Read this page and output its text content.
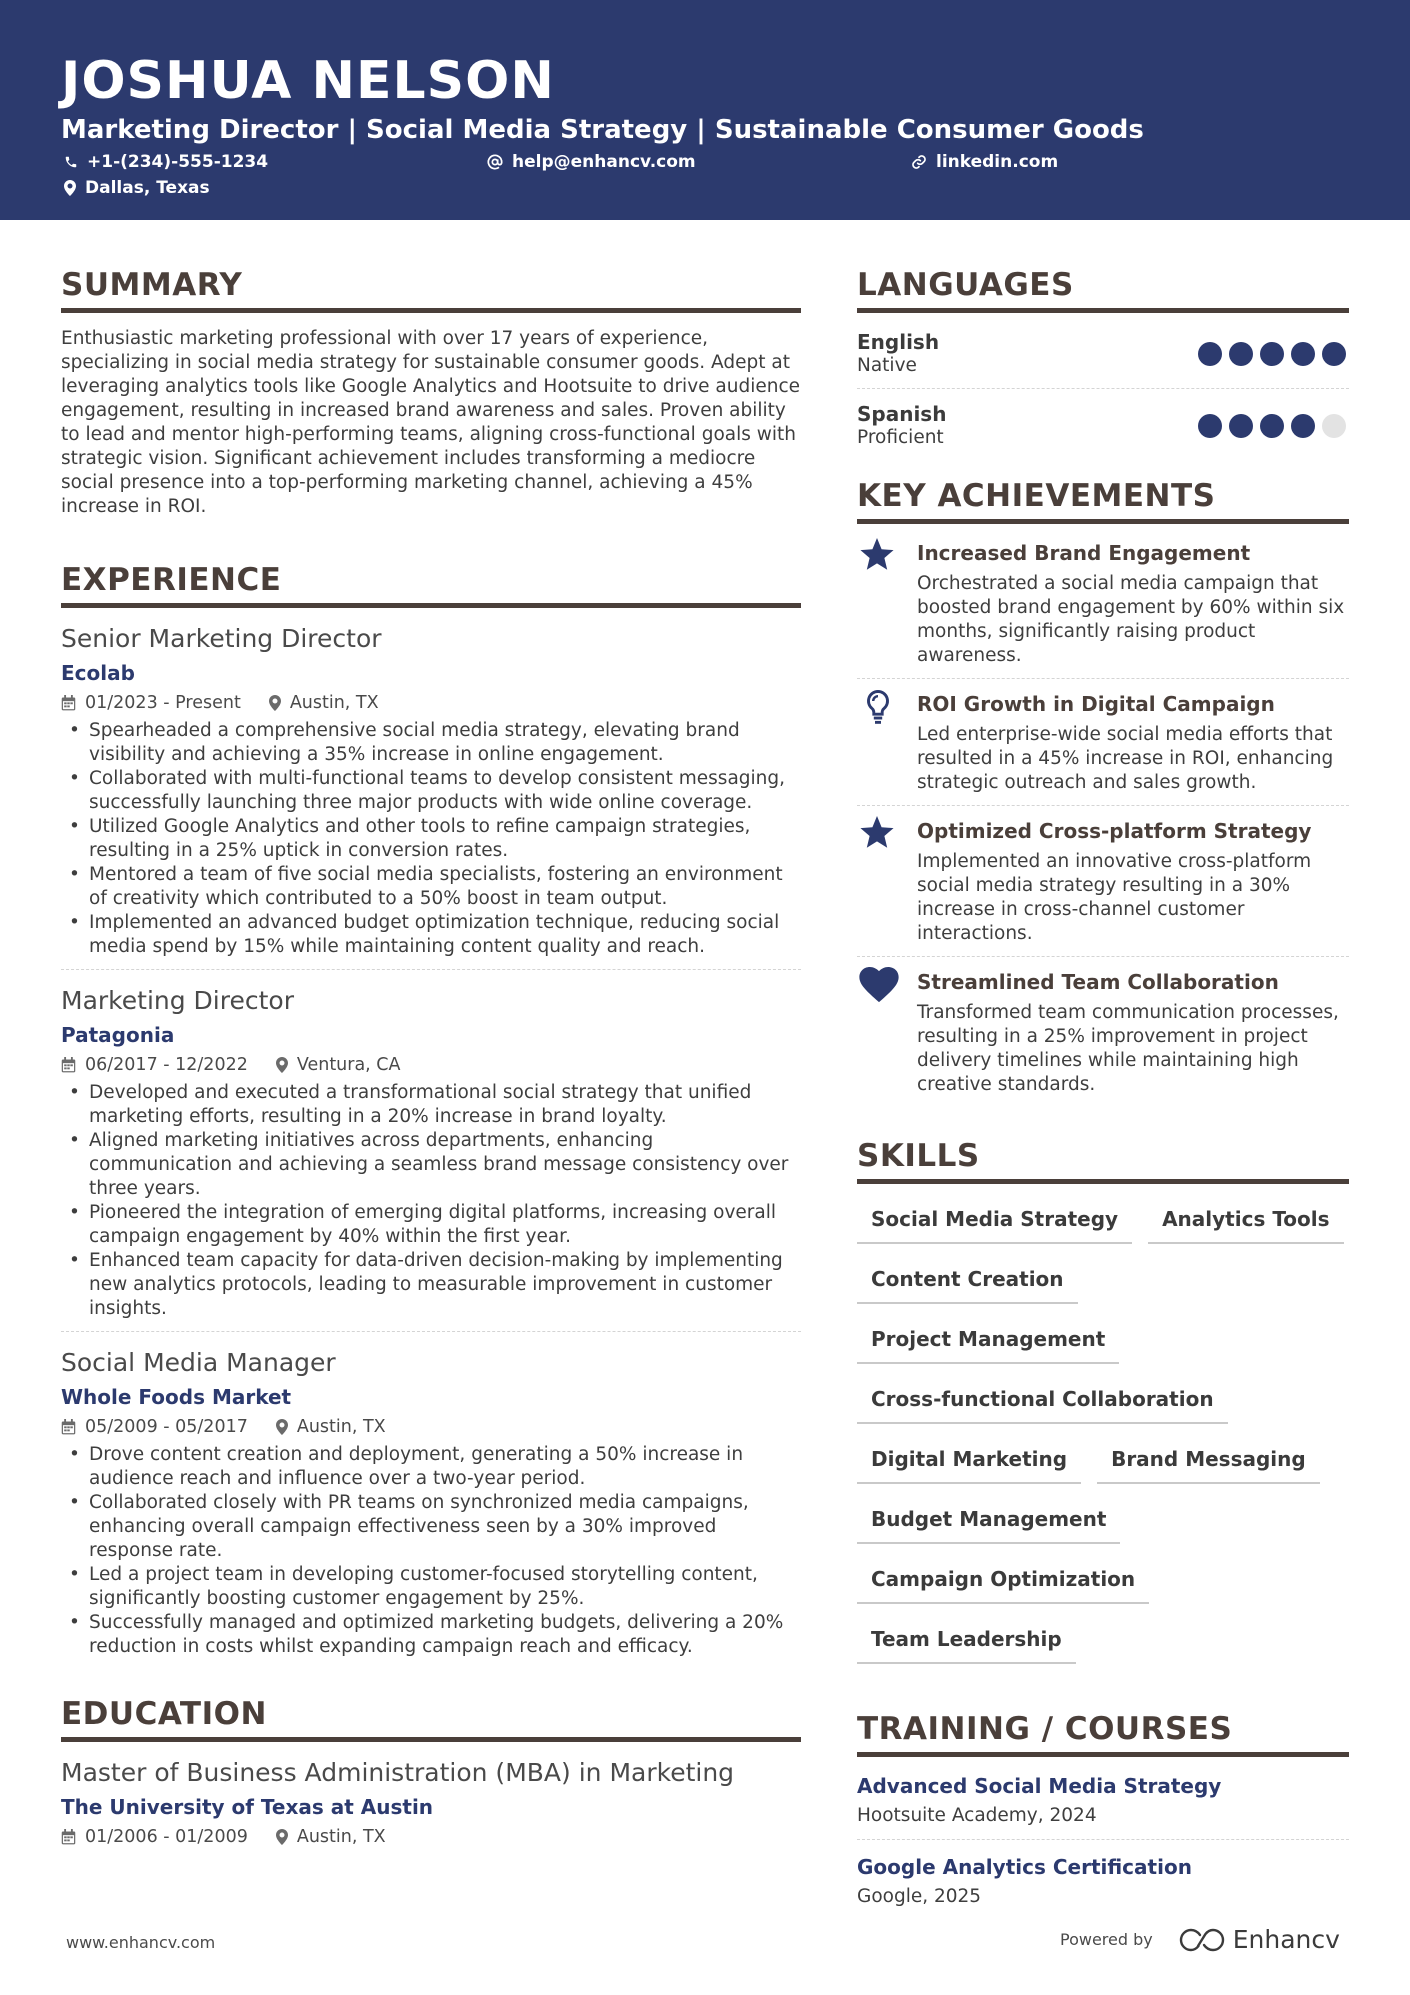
JOSHUA NELSON
Marketing Director | Social Media Strategy | Sustainable Consumer Goods
+1-(234)-555-1234	help@enhancv.com	linkedin.com
Dallas, Texas
SUMMARY
Enthusiastic marketing professional with over 17 years of experience, specializing in social media strategy for sustainable consumer goods. Adept at leveraging analytics tools like Google Analytics and Hootsuite to drive audience engagement, resulting in increased brand awareness and sales. Proven ability to lead and mentor high-performing teams, aligning cross-functional goals with strategic vision. Significant achievement includes transforming a mediocre social presence into a top-performing marketing channel, achieving a 45% increase in ROI.
EXPERIENCE
Senior Marketing Director
Ecolab
01/2023 - Present	Austin, TX
• Spearheaded a comprehensive social media strategy, elevating brand visibility and achieving a 35% increase in online engagement.
• Collaborated with multi-functional teams to develop consistent messaging, successfully launching three major products with wide online coverage.
• Utilized Google Analytics and other tools to refine campaign strategies, resulting in a 25% uptick in conversion rates.
• Mentored a team of five social media specialists, fostering an environment of creativity which contributed to a 50% boost in team output.
• Implemented an advanced budget optimization technique, reducing social media spend by 15% while maintaining content quality and reach.
Marketing Director
Patagonia
06/2017 - 12/2022	Ventura, CA
• Developed and executed a transformational social strategy that unified marketing efforts, resulting in a 20% increase in brand loyalty.
• Aligned marketing initiatives across departments, enhancing communication and achieving a seamless brand message consistency over three years.
• Pioneered the integration of emerging digital platforms, increasing overall campaign engagement by 40% within the first year.
• Enhanced team capacity for data-driven decision-making by implementing new analytics protocols, leading to measurable improvement in customer insights.
Social Media Manager
Whole Foods Market
05/2009 - 05/2017	Austin, TX
• Drove content creation and deployment, generating a 50% increase in audience reach and influence over a two-year period.
• Collaborated closely with PR teams on synchronized media campaigns, enhancing overall campaign effectiveness seen by a 30% improved response rate.
• Led a project team in developing customer-focused storytelling content, significantly boosting customer engagement by 25%.
• Successfully managed and optimized marketing budgets, delivering a 20% reduction in costs whilst expanding campaign reach and efficacy.
EDUCATION
Master of Business Administration (MBA) in Marketing
The University of Texas at Austin
01/2006 - 01/2009	Austin, TX
LANGUAGES
English
Native
Spanish
Proficient
KEY ACHIEVEMENTS
Increased Brand Engagement
Orchestrated a social media campaign that boosted brand engagement by 60% within six months, significantly raising product awareness.
ROI Growth in Digital Campaign
Led enterprise-wide social media efforts that resulted in a 45% increase in ROI, enhancing strategic outreach and sales growth.
Optimized Cross-platform Strategy
Implemented an innovative cross-platform social media strategy resulting in a 30% increase in cross-channel customer interactions.
Streamlined Team Collaboration
Transformed team communication processes, resulting in a 25% improvement in project delivery timelines while maintaining high creative standards.
SKILLS
Social Media Strategy	Analytics Tools
Content Creation
Project Management
Cross-functional Collaboration
Digital Marketing	Brand Messaging
Budget Management
Campaign Optimization
Team Leadership
TRAINING / COURSES
Advanced Social Media Strategy
Hootsuite Academy, 2024
Google Analytics Certification
Google, 2025
www.enhancv.com	Powered by	Enhancv
